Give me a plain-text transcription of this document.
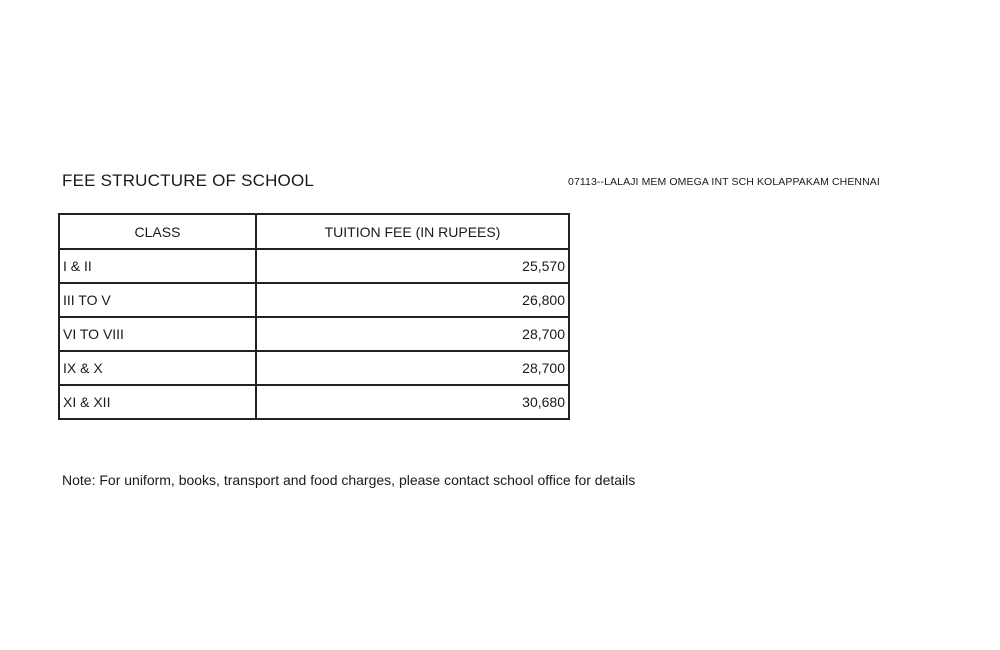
FEE STRUCTURE OF SCHOOL	07113--LALAJI MEM OMEGA INT SCH KOLAPPAKAM CHENNAI
CLASS	TUITION FEE (IN RUPEES)
I & II	25,570
III TO V	26,800
VI TO VIII	28,700
IX & X	28,700
XI & XII	30,680
Note: For uniform, books, transport and food charges, please contact school office for details
